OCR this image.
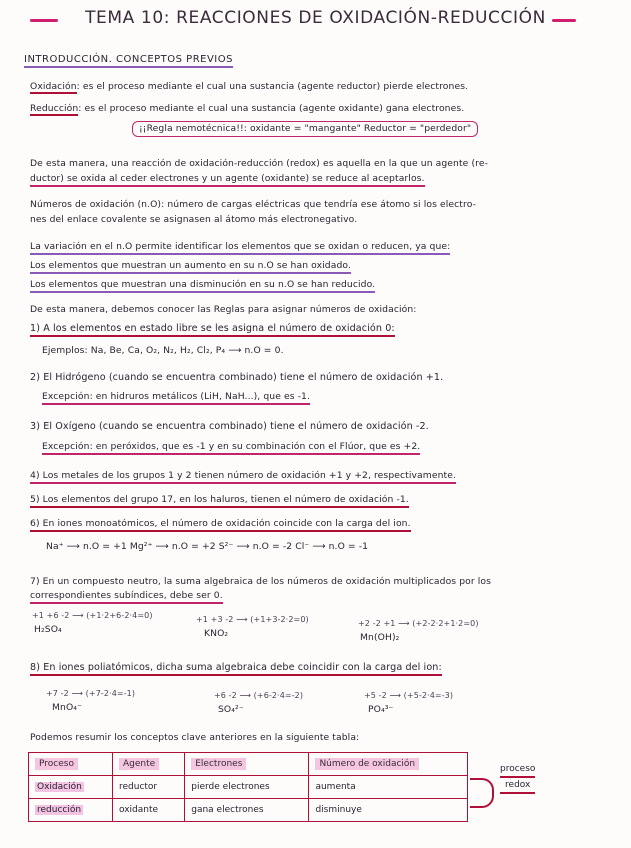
TEMA 10: REACCIONES DE OXIDACIÓN-REDUCCIÓN
INTRODUCCIÓN. CONCEPTOS PREVIOS
Oxidación: es el proceso mediante el cual una sustancia (agente reductor) pierde electrones.
Reducción: es el proceso mediante el cual una sustancia (agente oxidante) gana electrones.
¡¡Regla nemotécnica!!: oxidante = "mangante" Reductor = "perdedor"
De esta manera, una reacción de oxidación-reducción (redox) es aquella en la que un agente (re-
ductor) se oxida al ceder electrones y un agente (oxidante) se reduce al aceptarlos.
Números de oxidación (n.O): número de cargas eléctricas que tendría ese átomo si los electro-
nes del enlace covalente se asignasen al átomo más electronegativo.
La variación en el n.O permite identificar los elementos que se oxidan o reducen, ya que:
Los elementos que muestran un aumento en su n.O se han oxidado.
Los elementos que muestran una disminución en su n.O se han reducido.
De esta manera, debemos conocer las Reglas para asignar números de oxidación:
1) A los elementos en estado libre se les asigna el número de oxidación 0:
Ejemplos: Na, Be, Ca, O₂, N₂, H₂, Cl₂, P₄ ⟶ n.O = 0.
2) El Hidrógeno (cuando se encuentra combinado) tiene el número de oxidación +1.
Excepción: en hidruros metálicos (LiH, NaH...), que es -1.
3) El Oxígeno (cuando se encuentra combinado) tiene el número de oxidación -2.
Excepción: en peróxidos, que es -1 y en su combinación con el Flúor, que es +2.
4) Los metales de los grupos 1 y 2 tienen número de oxidación +1 y +2, respectivamente.
5) Los elementos del grupo 17, en los haluros, tienen el número de oxidación -1.
6) En iones monoatómicos, el número de oxidación coincide con la carga del ion.
Na⁺ ⟶ n.O = +1 Mg²⁺ ⟶ n.O = +2 S²⁻ ⟶ n.O = -2 Cl⁻ ⟶ n.O = -1
7) En un compuesto neutro, la suma algebraica de los números de oxidación multiplicados por los
correspondientes subíndices, debe ser 0.
+1 +6 -2 ⟶ (+1·2+6-2·4=0)
H₂SO₄
+1 +3 -2 ⟶ (+1+3-2·2=0)
KNO₂
+2 -2 +1 ⟶ (+2-2·2+1·2=0)
Mn(OH)₂
8) En iones poliatómicos, dicha suma algebraica debe coincidir con la carga del ion:
+7 -2 ⟶ (+7-2·4=-1)
MnO₄⁻
+6 -2 ⟶ (+6-2·4=-2)
SO₄²⁻
+5 -2 ⟶ (+5-2·4=-3)
PO₄³⁻
Podemos resumir los conceptos clave anteriores en la siguiente tabla:
Proceso	Agente	Electrones	Número de oxidación
Oxidación	reductor	pierde electrones	aumenta
reducción	oxidante	gana electrones	disminuye
proceso
redox
